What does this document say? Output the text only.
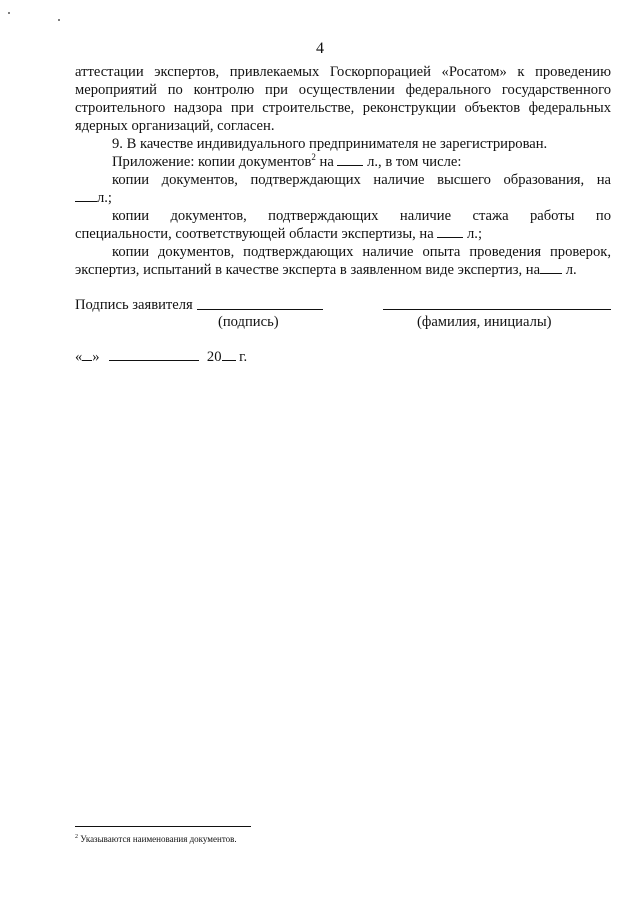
4
аттестации экспертов, привлекаемых Госкорпорацией «Росатом» к проведению
мероприятий по контролю при осуществлении федерального государственного
строительного надзора при строительстве, реконструкции объектов федеральных
ядерных организаций, согласен.
9. В качестве индивидуального предпринимателя не зарегистрирован.
Приложение: копии документов$^2$ на  л., в том числе:
копии документов, подтверждающих наличие высшего образования, на
л.;
копии документов, подтверждающих наличие стажа работы по
специальности, соответствующей области экспертизы, на  л.;
копии документов, подтверждающих наличие опыта проведения проверок,
экспертиз, испытаний в качестве эксперта в заявленном виде экспертиз, на л.
Подпись заявителя
(подпись)	(фамилия, инициалы)
« »	20 г.
$^2$ Указываются наименования документов.
